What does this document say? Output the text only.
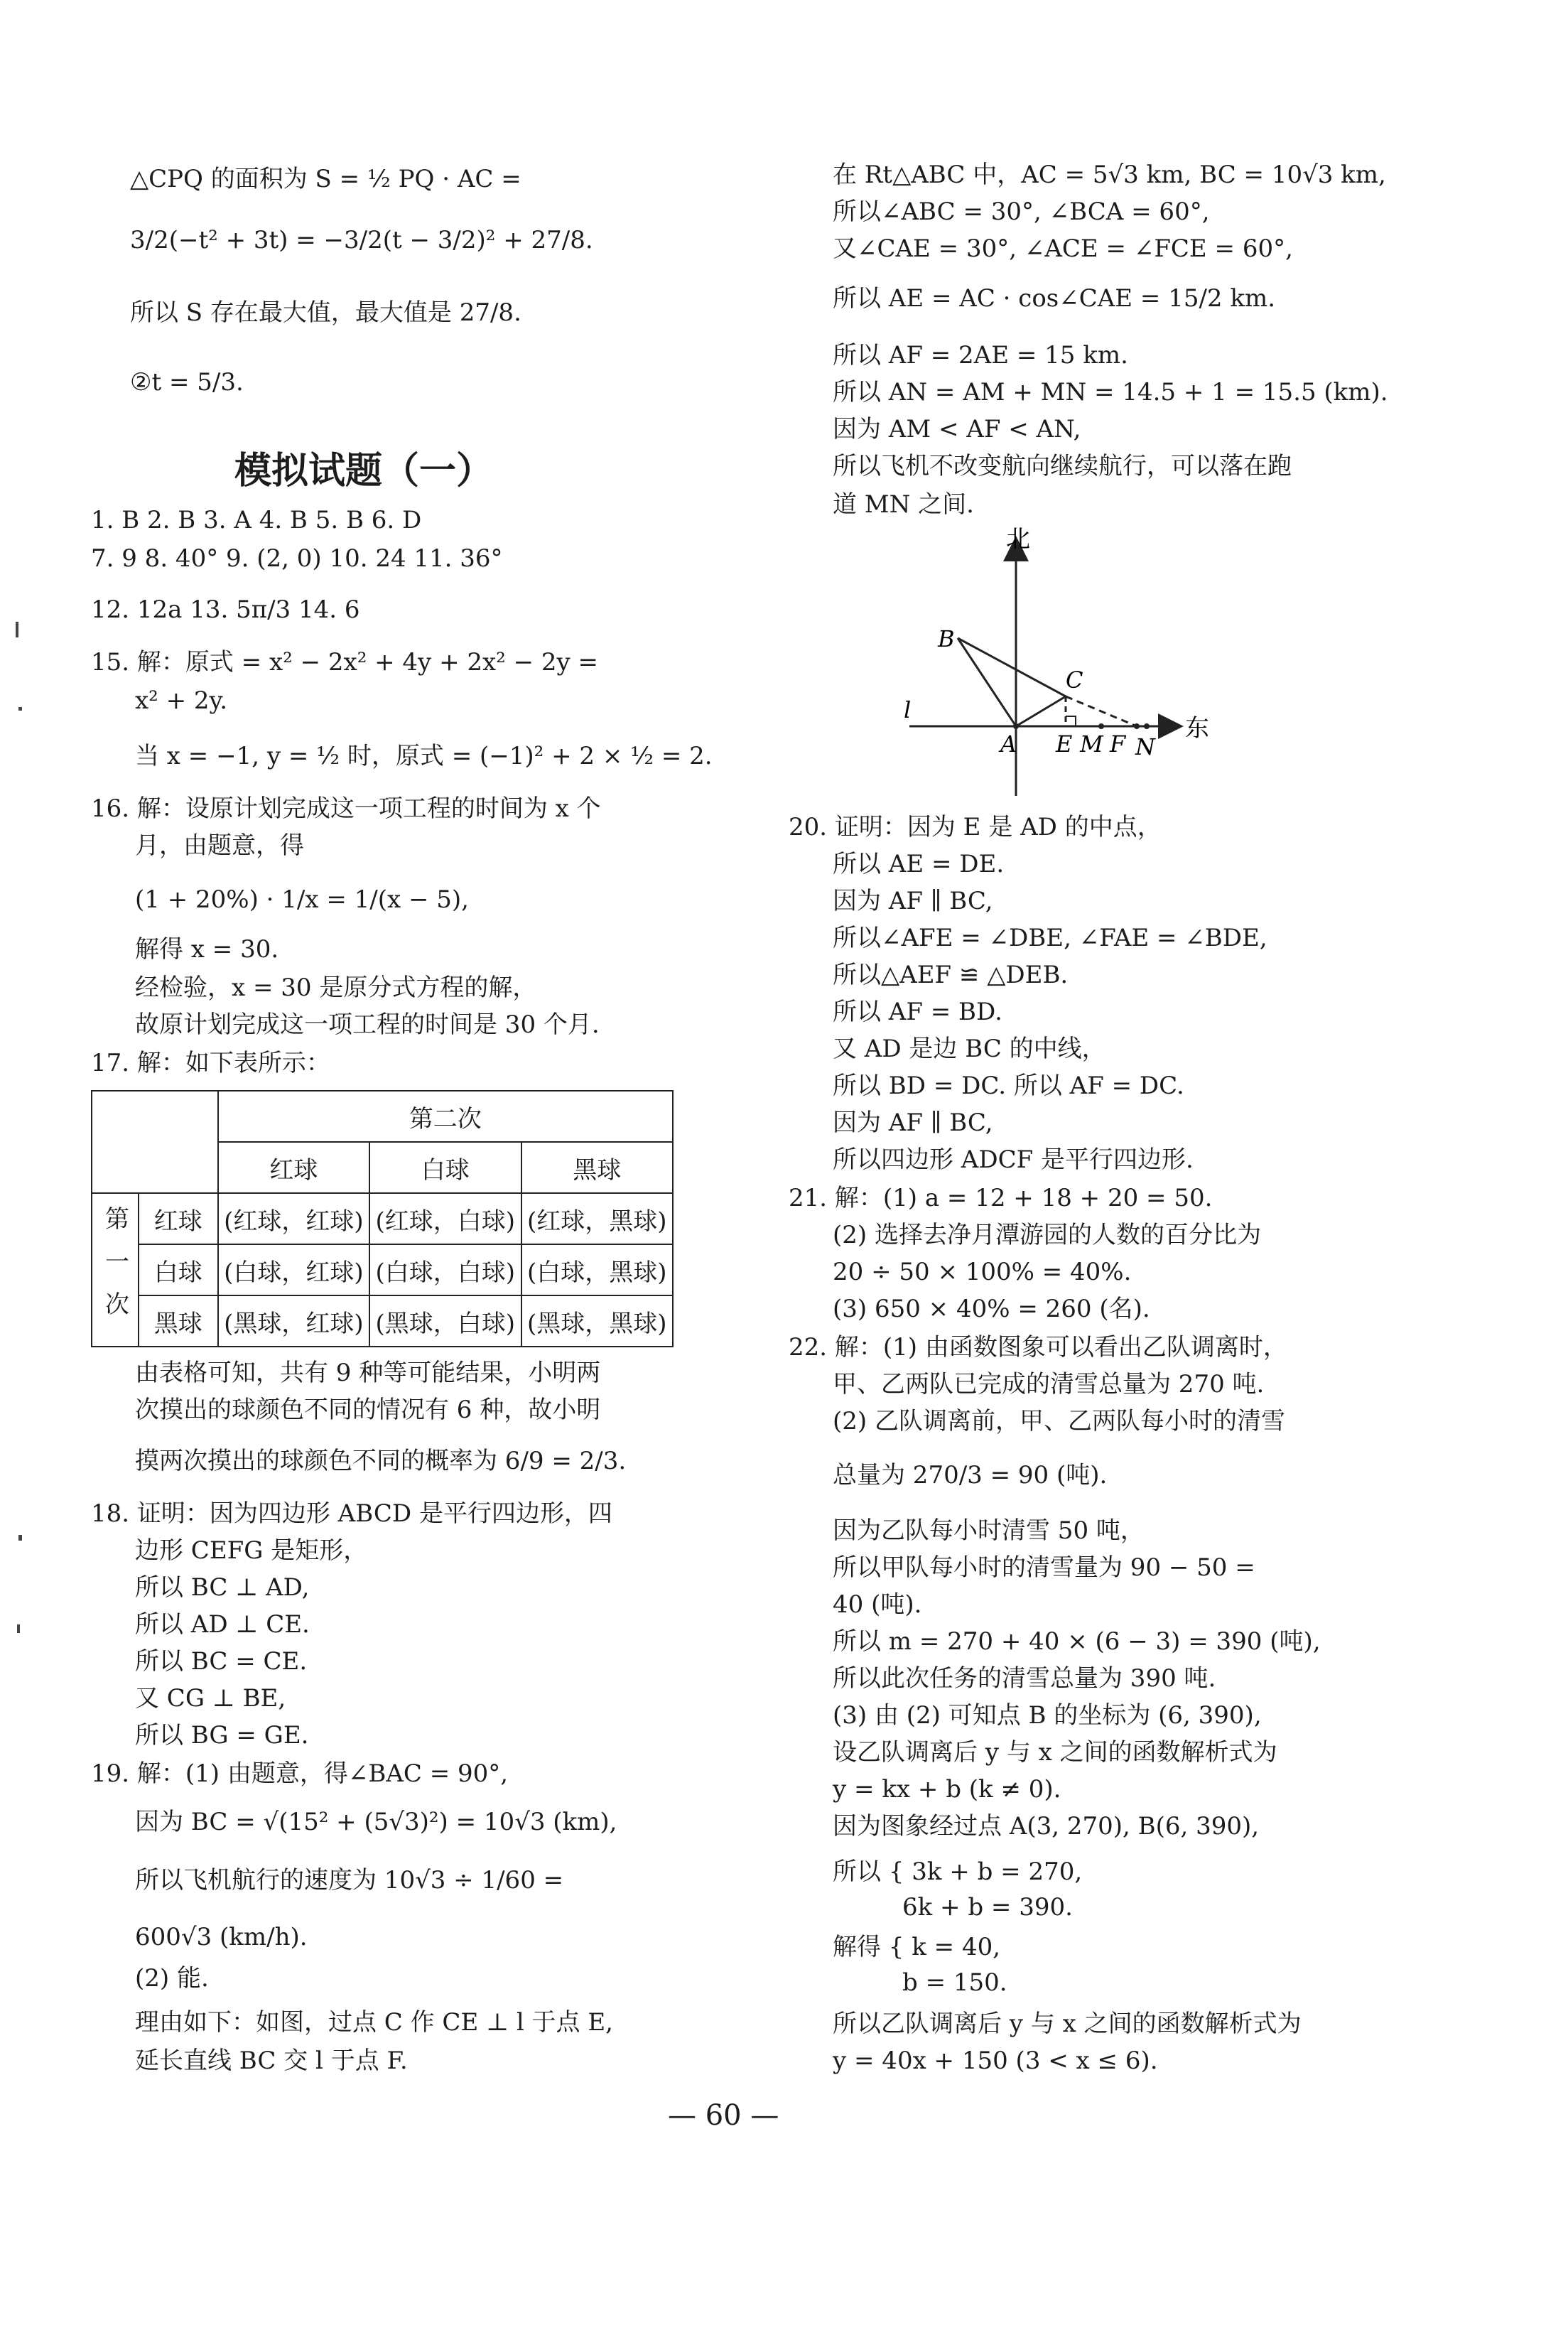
△CPQ 的面积为 S = ½ PQ · AC =
3/2(−t² + 3t) = −3/2(t − 3/2)² + 27/8.
所以 S 存在最大值，最大值是 27/8.
②t = 5/3.
模拟试题（一）
1. B 2. B 3. A 4. B 5. B 6. D
7. 9 8. 40° 9. (2, 0) 10. 24 11. 36°
12. 12a 13. 5π/3 14. 6
15. 解：原式 = x² − 2x² + 4y + 2x² − 2y =
x² + 2y.
当 x = −1, y = ½ 时，原式 = (−1)² + 2 × ½ = 2.
16. 解：设原计划完成这一项工程的时间为 x 个
月，由题意，得
(1 + 20%) · 1/x = 1/(x − 5),
解得 x = 30.
经检验，x = 30 是原分式方程的解，
故原计划完成这一项工程的时间是 30 个月.
17. 解：如下表所示：
		第二次		
		红球	白球	黑球
第一次	红球	(红球，红球)	(红球，白球)	(红球，黑球)
	白球	(白球，红球)	(白球，白球)	(白球，黑球)
	黑球	(黑球，红球)	(黑球，白球)	(黑球，黑球)
由表格可知，共有 9 种等可能结果，小明两
次摸出的球颜色不同的情况有 6 种，故小明
摸两次摸出的球颜色不同的概率为 6/9 = 2/3.
18. 证明：因为四边形 ABCD 是平行四边形，四
边形 CEFG 是矩形，
所以 BC ⊥ AD,
所以 AD ⊥ CE.
所以 BC = CE.
又 CG ⊥ BE,
所以 BG = GE.
19. 解：(1) 由题意，得∠BAC = 90°,
因为 BC = √(15² + (5√3)²) = 10√3 (km),
所以飞机航行的速度为 10√3 ÷ 1/60 =
600√3 (km/h).
(2) 能.
理由如下：如图，过点 C 作 CE ⊥ l 于点 E,
延长直线 BC 交 l 于点 F.
在 Rt△ABC 中，AC = 5√3 km, BC = 10√3 km,
所以∠ABC = 30°, ∠BCA = 60°,
又∠CAE = 30°, ∠ACE = ∠FCE = 60°,
所以 AE = AC · cos∠CAE = 15/2 km.
所以 AF = 2AE = 15 km.
所以 AN = AM + MN = 14.5 + 1 = 15.5 (km).
因为 AM < AF < AN,
所以飞机不改变航向继续航行，可以落在跑
道 MN 之间.
北
东
B
C
l
A E M F N
20. 证明：因为 E 是 AD 的中点，
所以 AE = DE.
因为 AF ∥ BC,
所以∠AFE = ∠DBE, ∠FAE = ∠BDE,
所以△AEF ≌ △DEB.
所以 AF = BD.
又 AD 是边 BC 的中线，
所以 BD = DC. 所以 AF = DC.
因为 AF ∥ BC,
所以四边形 ADCF 是平行四边形.
21. 解：(1) a = 12 + 18 + 20 = 50.
(2) 选择去净月潭游园的人数的百分比为
20 ÷ 50 × 100% = 40%.
(3) 650 × 40% = 260 (名).
22. 解：(1) 由函数图象可以看出乙队调离时，
甲、乙两队已完成的清雪总量为 270 吨.
(2) 乙队调离前，甲、乙两队每小时的清雪
总量为 270/3 = 90 (吨).
因为乙队每小时清雪 50 吨，
所以甲队每小时的清雪量为 90 − 50 =
40 (吨).
所以 m = 270 + 40 × (6 − 3) = 390 (吨),
所以此次任务的清雪总量为 390 吨.
(3) 由 (2) 可知点 B 的坐标为 (6, 390),
设乙队调离后 y 与 x 之间的函数解析式为
y = kx + b (k ≠ 0).
因为图象经过点 A(3, 270), B(6, 390),
所以 { 3k + b = 270,
6k + b = 390.
解得 { k = 40,
b = 150.
所以乙队调离后 y 与 x 之间的函数解析式为
y = 40x + 150 (3 < x ≤ 6).
— 60 —
